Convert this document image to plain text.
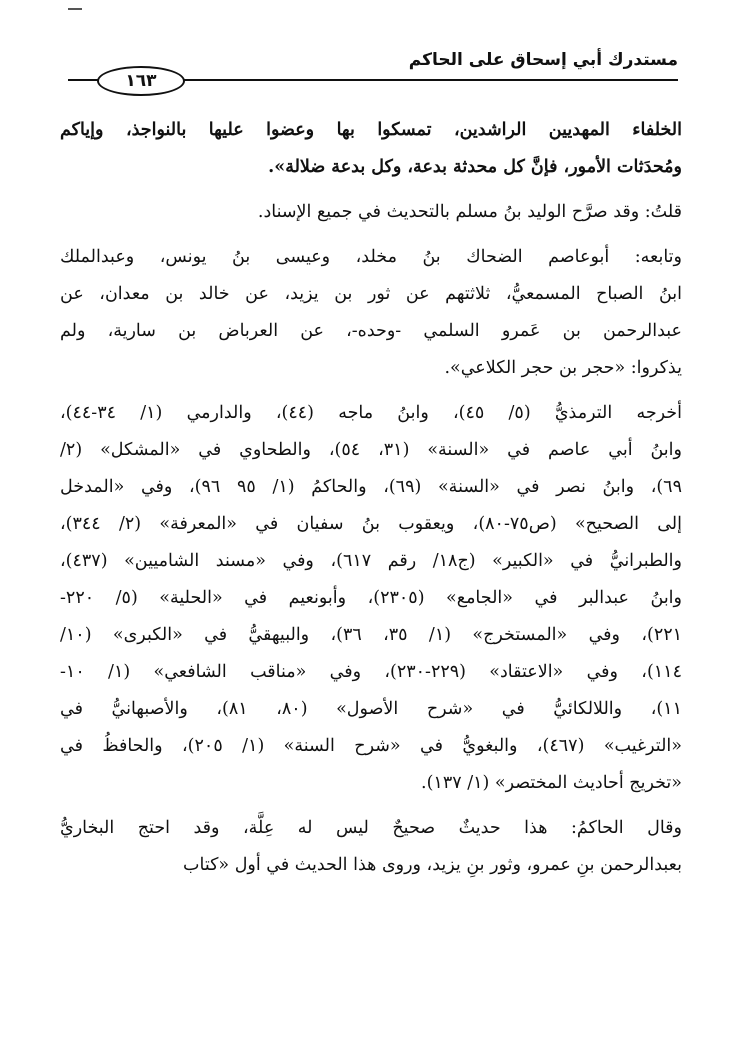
مستدرك أبي إسحاق على الحاكم
١٦٣
الخلفاء المهديين الراشدين، تمسكوا بها وعضوا عليها بالنواجذ، وإياكم
ومُحدَثات الأمور، فإنَّ كل محدثة بدعة، وكل بدعة ضلالة».
قلتُ: وقد صرَّح الوليد بنُ مسلم بالتحديث في جميع الإسناد.
وتابعه: أبوعاصم الضحاك بنُ مخلد، وعيسى بنُ يونس، وعبدالملك
ابنُ الصباح المسمعيُّ، ثلاثتهم عن ثور بن يزيد، عن خالد بن معدان، عن
عبدالرحمن بن عَمرو السلمي -وحده-، عن العرباض بن سارية، ولم
يذكروا: «حجر بن حجر الكلاعي».
أخرجه الترمذيُّ (٥/ ٤٥)، وابنُ ماجه (٤٤)، والدارمي (١/ ٣٤-٤٤)،
وابنُ أبي عاصم في «السنة» (٣١، ٥٤)، والطحاوي في «المشكل» (٢/
٦٩)، وابنُ نصر في «السنة» (٦٩)، والحاكمُ (١/ ٩٥ ٩٦)، وفي «المدخل
إلى الصحيح» (ص٧٥-٨٠)، ويعقوب بنُ سفيان في «المعرفة» (٢/ ٣٤٤)،
والطبرانيُّ في «الكبير» (ج١٨/ رقم ٦١٧)، وفي «مسند الشاميين» (٤٣٧)،
وابنُ عبدالبر في «الجامع» (٢٣٠٥)، وأبونعيم في «الحلية» (٥/ ٢٢٠-
٢٢١)، وفي «المستخرج» (١/ ٣٥، ٣٦)، والبيهقيُّ في «الكبرى» (١٠/
١١٤)، وفي «الاعتقاد» (٢٢٩-٢٣٠)، وفي «مناقب الشافعي» (١/ ١٠-
١١)، واللالكائيُّ في «شرح الأصول» (٨٠، ٨١)، والأصبهانيُّ في
«الترغيب» (٤٦٧)، والبغويُّ في «شرح السنة» (١/ ٢٠٥)، والحافظُ في
«تخريج أحاديث المختصر» (١/ ١٣٧).
وقال الحاكمُ: هذا حديثٌ صحيحٌ ليس له عِلَّة، وقد احتج البخاريُّ
بعبدالرحمن بنِ عمرو، وثور بنِ يزيد، وروى هذا الحديث في أول «كتاب
